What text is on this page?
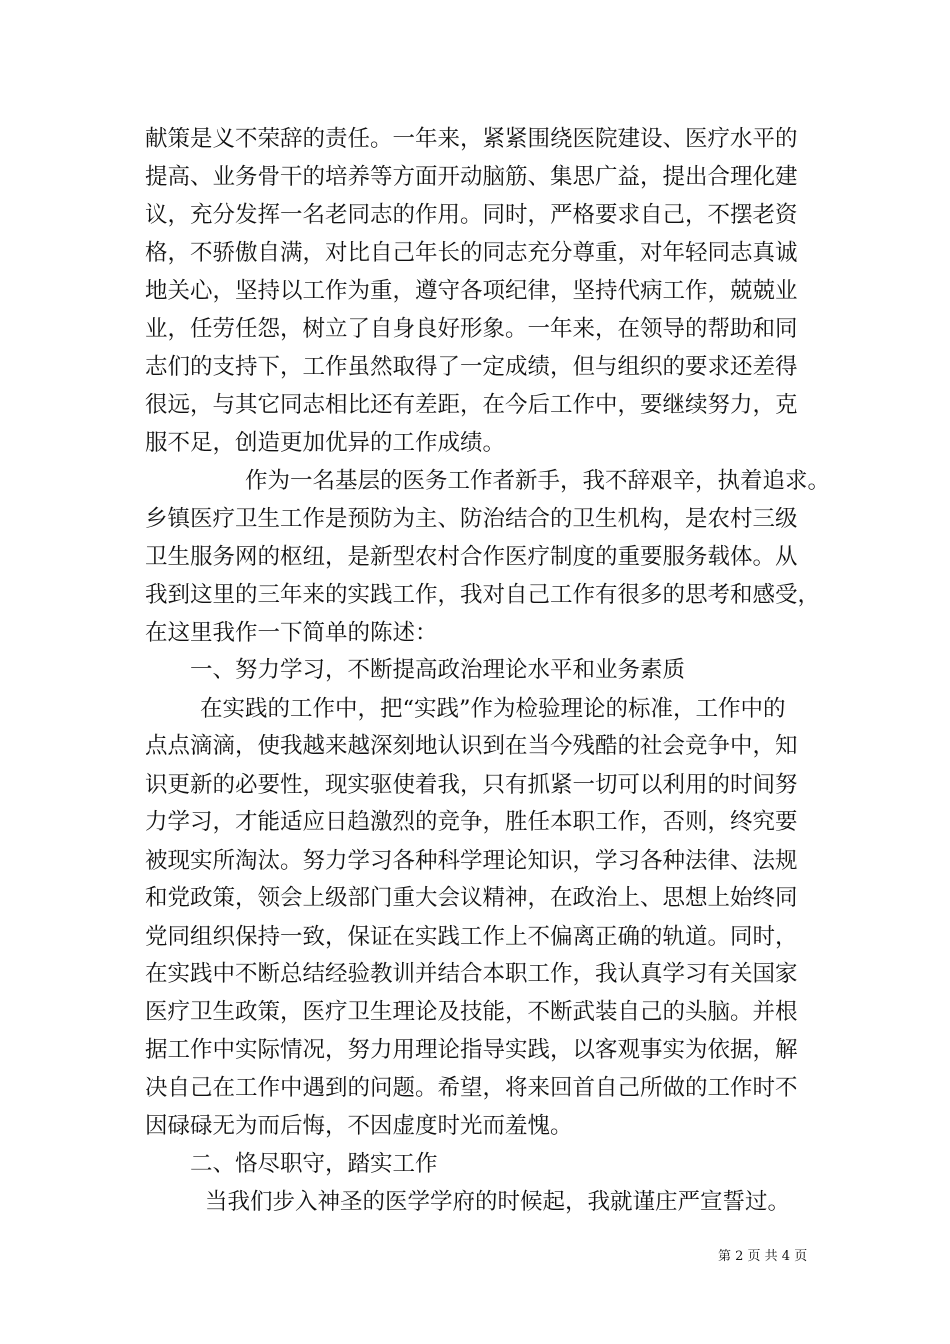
献策是义不荣辞的责任。一年来，紧紧围绕医院建设、医疗水平的
提高、业务骨干的培养等方面开动脑筋、集思广益，提出合理化建
议，充分发挥一名老同志的作用。同时，严格要求自己，不摆老资
格，不骄傲自满，对比自己年长的同志充分尊重，对年轻同志真诚
地关心，坚持以工作为重，遵守各项纪律，坚持代病工作，兢兢业
业，任劳任怨，树立了自身良好形象。一年来，在领导的帮助和同
志们的支持下，工作虽然取得了一定成绩，但与组织的要求还差得
很远，与其它同志相比还有差距，在今后工作中，要继续努力，克
服不足，创造更加优异的工作成绩。
作为一名基层的医务工作者新手，我不辞艰辛，执着追求。
乡镇医疗卫生工作是预防为主、防治结合的卫生机构，是农村三级
卫生服务网的枢纽，是新型农村合作医疗制度的重要服务载体。从
我到这里的三年来的实践工作，我对自己工作有很多的思考和感受，
在这里我作一下简单的陈述：
一、努力学习，不断提高政治理论水平和业务素质
在实践的工作中，把“实践”作为检验理论的标准，工作中的
点点滴滴，使我越来越深刻地认识到在当今残酷的社会竞争中，知
识更新的必要性，现实驱使着我，只有抓紧一切可以利用的时间努
力学习，才能适应日趋激烈的竞争，胜任本职工作，否则，终究要
被现实所淘汰。努力学习各种科学理论知识，学习各种法律、法规
和党政策，领会上级部门重大会议精神，在政治上、思想上始终同
党同组织保持一致，保证在实践工作上不偏离正确的轨道。同时，
在实践中不断总结经验教训并结合本职工作，我认真学习有关国家
医疗卫生政策，医疗卫生理论及技能，不断武装自己的头脑。并根
据工作中实际情况，努力用理论指导实践，以客观事实为依据，解
决自己在工作中遇到的问题。希望，将来回首自己所做的工作时不
因碌碌无为而后悔，不因虚度时光而羞愧。
二、恪尽职守，踏实工作
当我们步入神圣的医学学府的时候起，我就谨庄严宣誓过。
第 2 页 共 4 页
